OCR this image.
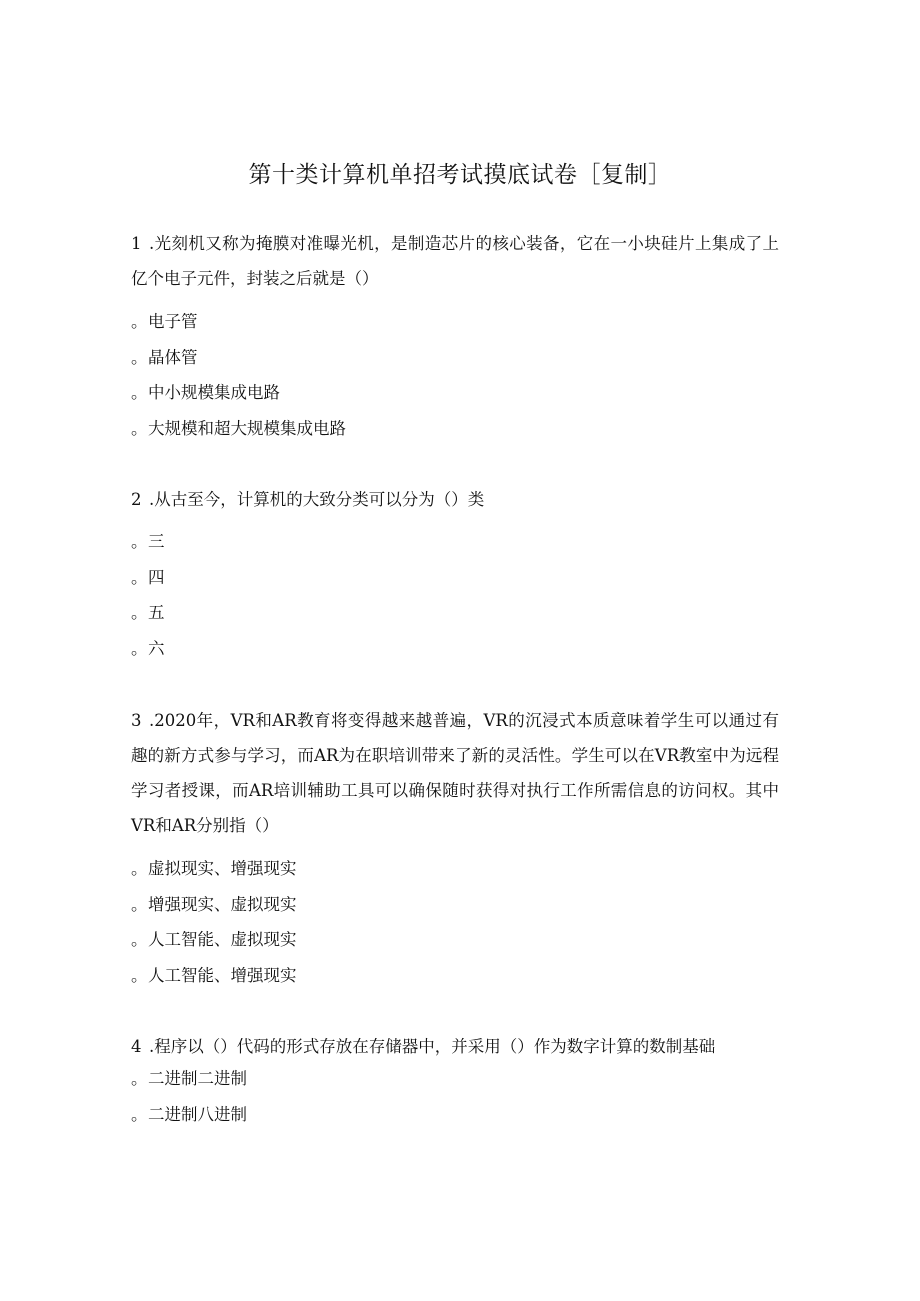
第十类计算机单招考试摸底试卷［复制］

1 .光刻机又称为掩膜对准曝光机，是制造芯片的核心装备，它在一小块硅片上集成了上亿个电子元件，封装之后就是（）

。电子管
。晶体管
。中小规模集成电路
。大规模和超大规模集成电路

2 .从古至今，计算机的大致分类可以分为（）类

。三
。四
。五
。六

3 .2020年，VR和AR教育将变得越来越普遍，VR的沉浸式本质意味着学生可以通过有趣的新方式参与学习，而AR为在职培训带来了新的灵活性。学生可以在VR教室中为远程学习者授课，而AR培训辅助工具可以确保随时获得对执行工作所需信息的访问权。其中VR和AR分别指（）

。虚拟现实、增强现实
。增强现实、虚拟现实
。人工智能、虚拟现实
。人工智能、增强现实

4 .程序以（）代码的形式存放在存储器中，并采用（）作为数字计算的数制基础

。二进制二进制
。二进制八进制
